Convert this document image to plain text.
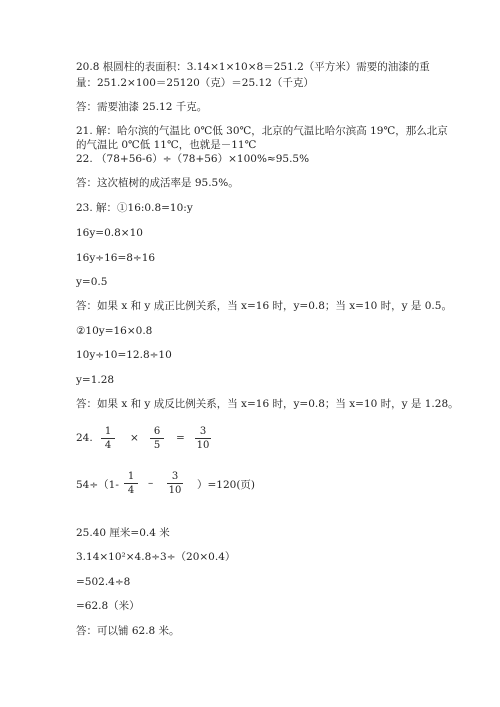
20.8 根圆柱的表面积：3.14×1×10×8＝251.2（平方米）需要的油漆的重
量：251.2×100＝25120（克）＝25.12（千克）
答：需要油漆 25.12 千克。
21. 解：哈尔滨的气温比 0℃低 30℃，北京的气温比哈尔滨高 19℃，那么北京
的气温比 0℃低 11℃，也就是－11℃
22. （78+56-6）÷（78+56）×100%≈95.5%
答：这次植树的成活率是 95.5%。
23. 解：①16:0.8=10:y
16y=0.8×10
16y÷16=8÷16
y=0.5
答：如果 x 和 y 成正比例关系，当 x=16 时，y=0.8；当 x=10 时，y 是 0.5。
②10y=16×0.8
10y÷10=12.8÷10
y=1.28
答：如果 x 和 y 成反比例关系，当 x=16 时，y=0.8；当 x=10 时，y 是 1.28。
24.
1
4
×
6
5
=
3
10
54÷（1-
1
4
–
3
10 ）=120(页)
25.40 厘米=0.4 米
3.14×10²×4.8÷3÷（20×0.4）
=502.4÷8
=62.8（米）
答：可以铺 62.8 米。
